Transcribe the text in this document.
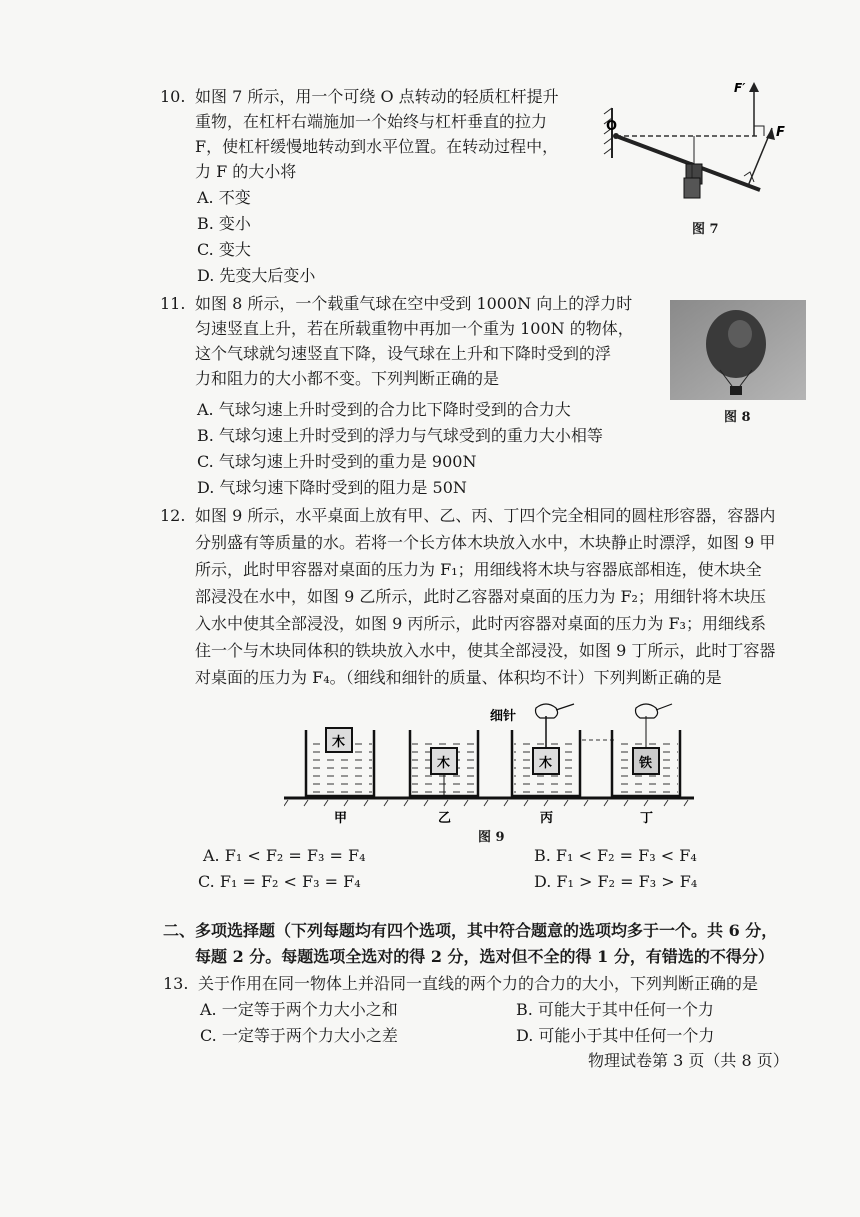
10. 如图 7 所示，用一个可绕 O 点转动的轻质杠杆提升
重物，在杠杆右端施加一个始终与杠杆垂直的拉力
F，使杠杆缓慢地转动到水平位置。在转动过程中，
力 F 的大小将
A. 不变
B. 变小
C. 变大
D. 先变大后变小
O	F
F′
图 7
11. 如图 8 所示，一个载重气球在空中受到 1000N 向上的浮力时
匀速竖直上升，若在所载重物中再加一个重为 100N 的物体，
这个气球就匀速竖直下降，设气球在上升和下降时受到的浮
力和阻力的大小都不变。下列判断正确的是
A. 气球匀速上升时受到的合力比下降时受到的合力大
B. 气球匀速上升时受到的浮力与气球受到的重力大小相等
C. 气球匀速上升时受到的重力是 900N
D. 气球匀速下降时受到的阻力是 50N
图 8
12. 如图 9 所示，水平桌面上放有甲、乙、丙、丁四个完全相同的圆柱形容器，容器内
分别盛有等质量的水。若将一个长方体木块放入水中，木块静止时漂浮，如图 9 甲
所示，此时甲容器对桌面的压力为 F₁；用细线将木块与容器底部相连，使木块全
部浸没在水中，如图 9 乙所示，此时乙容器对桌面的压力为 F₂；用细针将木块压
入水中使其全部浸没，如图 9 丙所示，此时丙容器对桌面的压力为 F₃；用细线系
住一个与木块同体积的铁块放入水中，使其全部浸没，如图 9 丁所示，此时丁容器
对桌面的压力为 F₄。（细线和细针的质量、体积均不计）下列判断正确的是
细针
木
木	木	铁
甲	乙	丙	丁
图 9
A. F₁ < F₂ = F₃ = F₄	B. F₁ < F₂ = F₃ < F₄
C. F₁ = F₂ < F₃ = F₄	D. F₁ > F₂ = F₃ > F₄
二、多项选择题（下列每题均有四个选项，其中符合题意的选项均多于一个。共 6 分，
每题 2 分。每题选项全选对的得 2 分，选对但不全的得 1 分，有错选的不得分）
13. 关于作用在同一物体上并沿同一直线的两个力的合力的大小，下列判断正确的是
A. 一定等于两个力大小之和	B. 可能大于其中任何一个力
C. 一定等于两个力大小之差	D. 可能小于其中任何一个力
物理试卷第 3 页（共 8 页）
